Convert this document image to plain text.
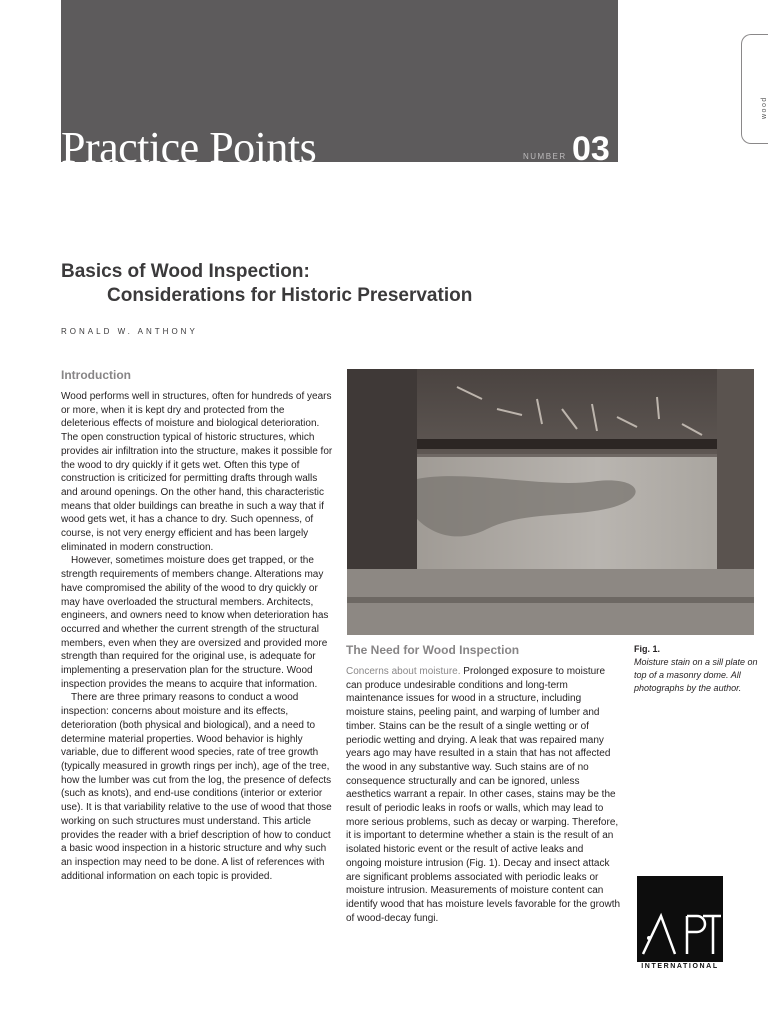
Practice Points	NUMBER 03
wood
Basics of Wood Inspection:
Considerations for Historic Preservation
RONALD W. ANTHONY
Introduction

Wood performs well in structures, often for hundreds of years or more, when it is kept dry and protected from the deleterious effects of moisture and biological deterioration. The open construction typical of historic structures, which provides air infiltration into the structure, makes it possible for the wood to dry quickly if it gets wet. Often this type of construction is criticized for permitting drafts through walls and around openings. On the other hand, this characteristic means that older buildings can breathe in such a way that if wood gets wet, it has a chance to dry. Such openness, of course, is not very energy efficient and has been largely eliminated in modern construction.

However, sometimes moisture does get trapped, or the strength requirements of members change. Alterations may have compromised the ability of the wood to dry quickly or may have overloaded the structural members. Architects, engineers, and owners need to know when deterioration has occurred and whether the current strength of the structural members, even when they are oversized and provided more strength than required for the original use, is adequate for implementing a preservation plan for the structure. Wood inspection provides the means to acquire that information.

There are three primary reasons to conduct a wood inspection: concerns about moisture and its effects, deterioration (both physical and biological), and a need to determine material properties. Wood behavior is highly variable, due to different wood species, rate of tree growth (typically measured in growth rings per inch), age of the tree, how the lumber was cut from the log, the presence of defects (such as knots), and end-use conditions (interior or exterior use). It is that variability relative to the use of wood that those working on such structures must understand. This article provides the reader with a brief description of how to conduct a basic wood inspection in a historic structure and why such an inspection may need to be done. A list of references with additional information on each topic is provided.

The Need for Wood Inspection

Concerns about moisture. Prolonged exposure to moisture can produce undesirable conditions and long-term maintenance issues for wood in a structure, including moisture stains, peeling paint, and warping of lumber and timber. Stains can be the result of a single wetting or of periodic wetting and drying. A leak that was repaired many years ago may have resulted in a stain that has not affected the wood in any substantive way. Such stains are of no consequence structurally and can be ignored, unless aesthetics warrant a repair. In other cases, stains may be the result of periodic leaks in roofs or walls, which may lead to more serious problems, such as decay or warping. Therefore, it is important to determine whether a stain is the result of an isolated historic event or the result of active leaks and ongoing moisture intrusion (Fig. 1). Decay and insect attack are significant problems associated with periodic leaks or moisture intrusion. Measurements of moisture content can identify wood that has moisture levels favorable for the growth of wood-decay fungi.

Fig. 1.
Moisture stain on a sill plate on top of a masonry dome. All photographs by the author.
INTERNATIONAL
